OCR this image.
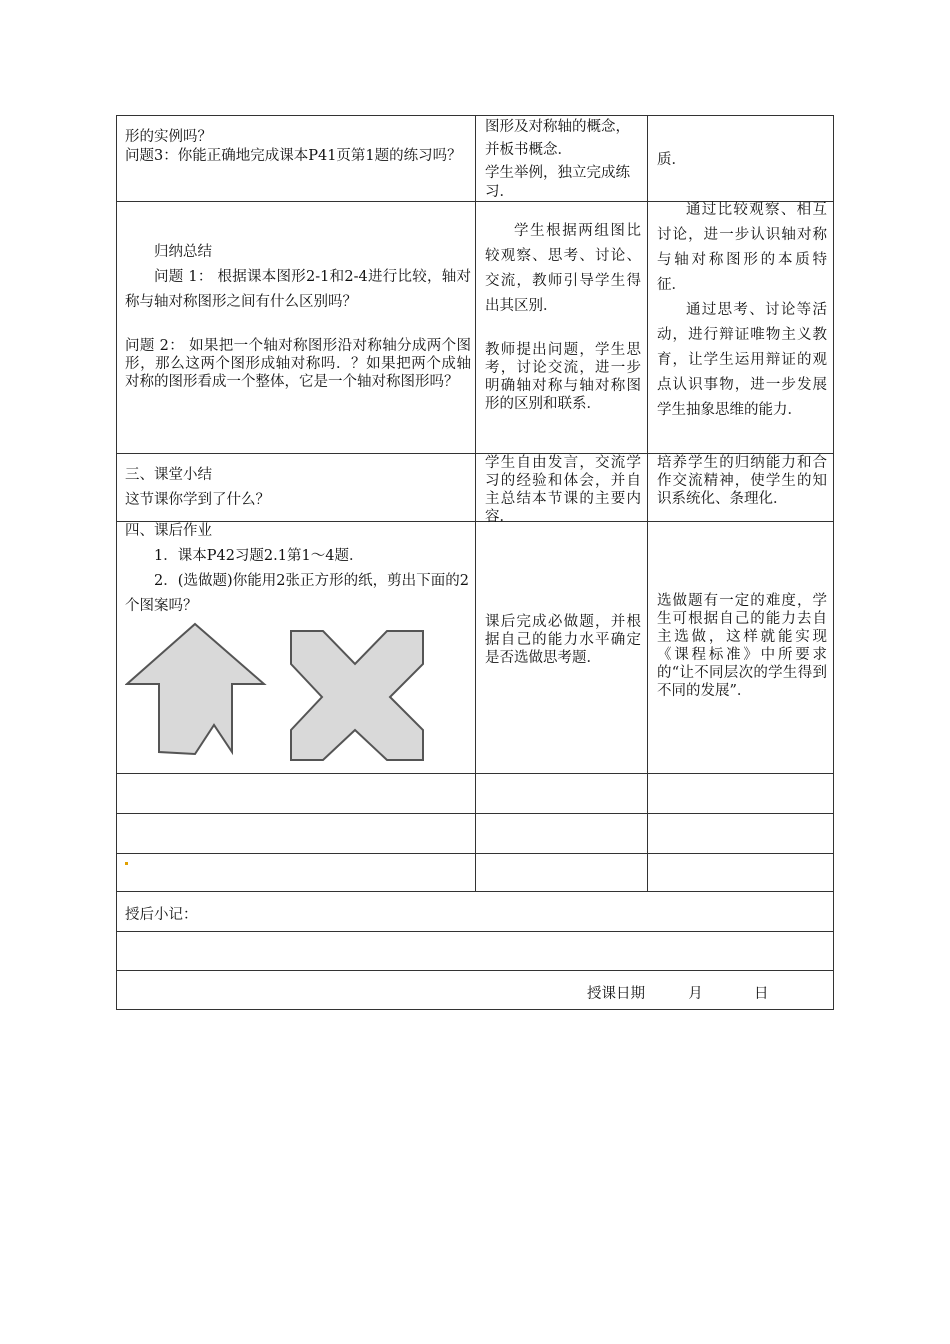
形的实例吗？

问题3：你能正确地完成课本P41页第1题的练习吗？

图形及对称轴的概念，并板书概念．

学生举例，独立完成练习．

质．

归纳总结

问题 1： 根据课本图形2-1和2-4进行比较，轴对称与轴对称图形之间有什么区别吗？

问题 2： 如果把一个轴对称图形沿对称轴分成两个图形，那么这两个图形成轴对称吗．？如果把两个成轴对称的图形看成一个整体，它是一个轴对称图形吗？

学生根据两组图比较观察、思考、讨论、交流，教师引导学生得出其区别．

教师提出问题，学生思考，讨论交流，进一步明确轴对称与轴对称图形的区别和联系．

通过比较观察、相互讨论，进一步认识轴对称与轴对称图形的本质特征．

通过思考、讨论等活动，进行辩证唯物主义教育，让学生运用辩证的观点认识事物，进一步发展学生抽象思维的能力．

三、课堂小结

这节课你学到了什么？

学生自由发言，交流学习的经验和体会，并自主总结本节课的主要内容．

培养学生的归纳能力和合作交流精神，使学生的知识系统化、条理化．

四、课后作业

1．课本P42习题2.1第1～4题．

2．(选做题)你能用2张正方形的纸，剪出下面的2个图案吗？

课后完成必做题，并根据自己的能力水平确定是否选做思考题．

选做题有一定的难度，学生可根据自己的能力去自主选做，这样就能实现《课程标准》中所要求的“让不同层次的学生得到不同的发展”．

授后小记：
授课日期	月	日
